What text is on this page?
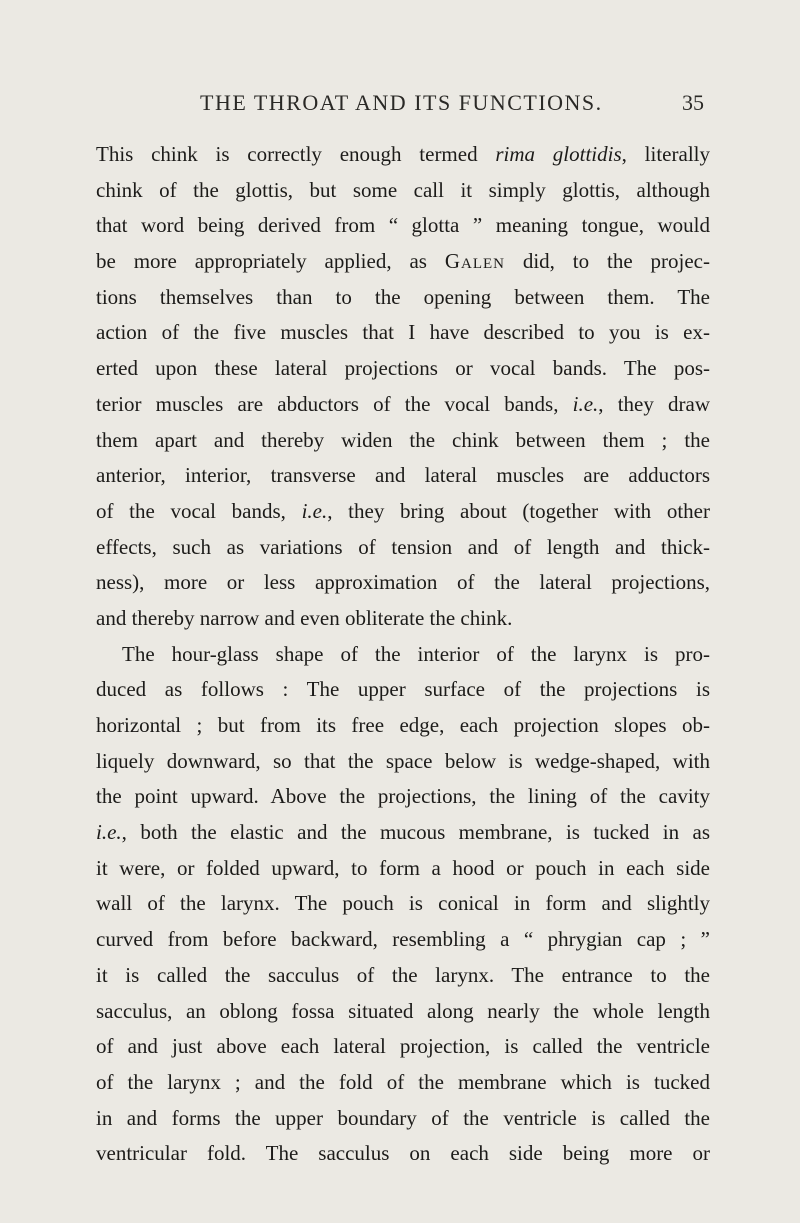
THE THROAT AND ITS FUNCTIONS.	35
This chink is correctly enough termed rima glottidis, literally
chink of the glottis, but some call it simply glottis, although
that word being derived from “ glotta ” meaning tongue, would
be more appropriately applied, as Galen did, to the projec-
tions themselves than to the opening between them. The
action of the five muscles that I have described to you is ex-
erted upon these lateral projections or vocal bands. The pos-
terior muscles are abductors of the vocal bands, i.e., they draw
them apart and thereby widen the chink between them ; the
anterior, interior, transverse and lateral muscles are adductors
of the vocal bands, i.e., they bring about (together with other
effects, such as variations of tension and of length and thick-
ness), more or less approximation of the lateral projections,
and thereby narrow and even obliterate the chink.
The hour-glass shape of the interior of the larynx is pro-
duced as follows : The upper surface of the projections is
horizontal ; but from its free edge, each projection slopes ob-
liquely downward, so that the space below is wedge-shaped, with
the point upward. Above the projections, the lining of the cavity
i.e., both the elastic and the mucous membrane, is tucked in as
it were, or folded upward, to form a hood or pouch in each side
wall of the larynx. The pouch is conical in form and slightly
curved from before backward, resembling a “ phrygian cap ; ”
it is called the sacculus of the larynx. The entrance to the
sacculus, an oblong fossa situated along nearly the whole length
of and just above each lateral projection, is called the ventricle
of the larynx ; and the fold of the membrane which is tucked
in and forms the upper boundary of the ventricle is called the
ventricular fold. The sacculus on each side being more or
